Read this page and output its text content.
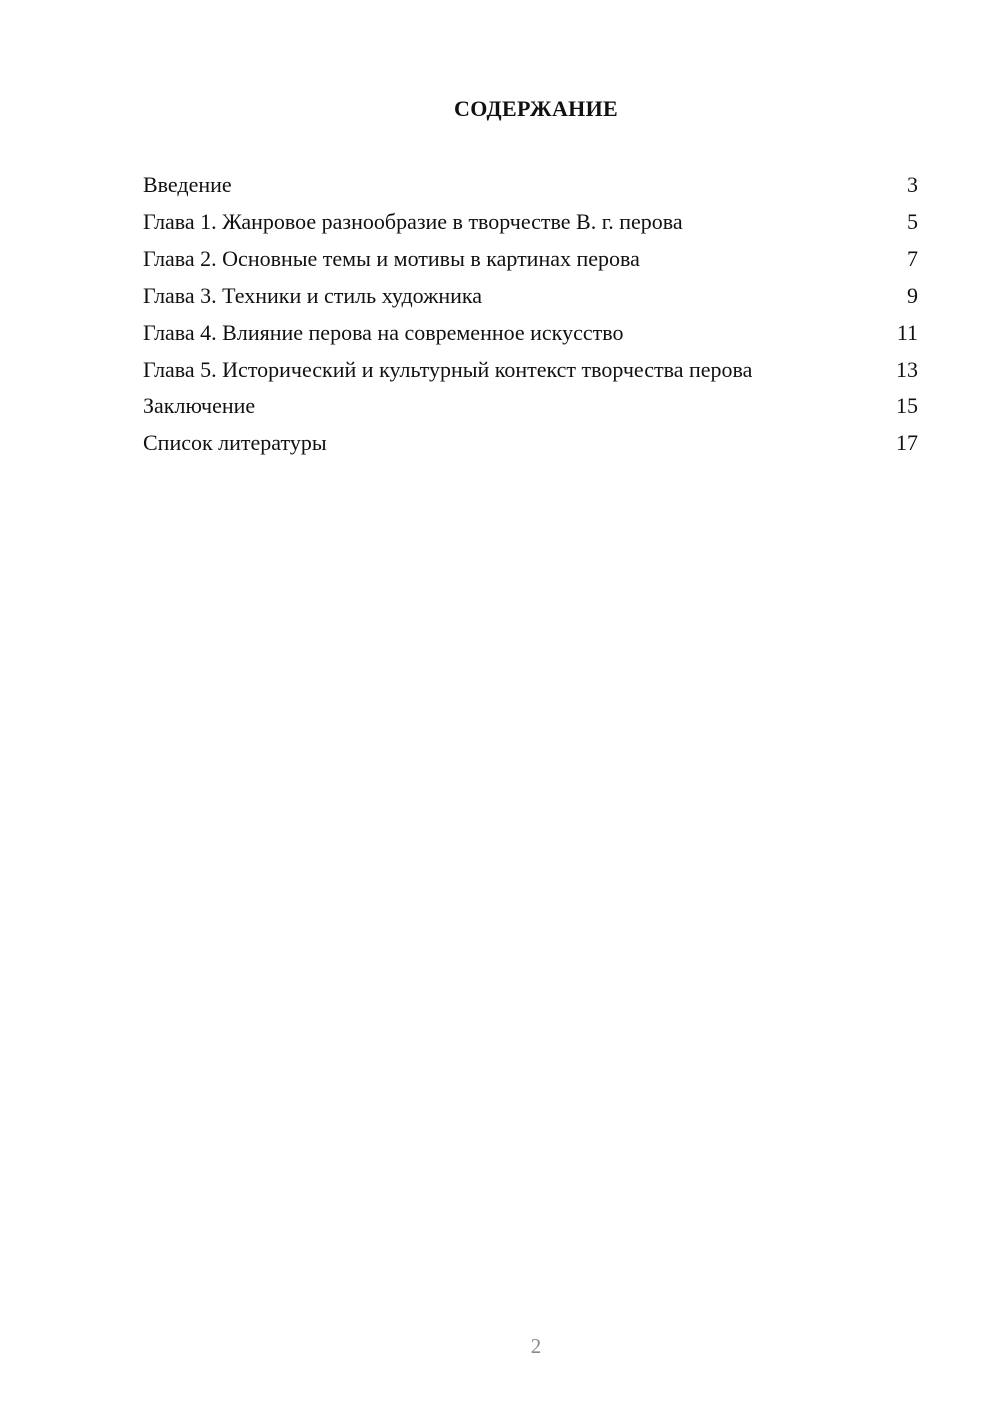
СОДЕРЖАНИЕ
Введение	3
Глава 1. Жанровое разнообразие в творчестве В. г. перова	5
Глава 2. Основные темы и мотивы в картинах перова	7
Глава 3. Техники и стиль художника	9
Глава 4. Влияние перова на современное искусство	11
Глава 5. Исторический и культурный контекст творчества перова	13
Заключение	15
Список литературы	17
2
